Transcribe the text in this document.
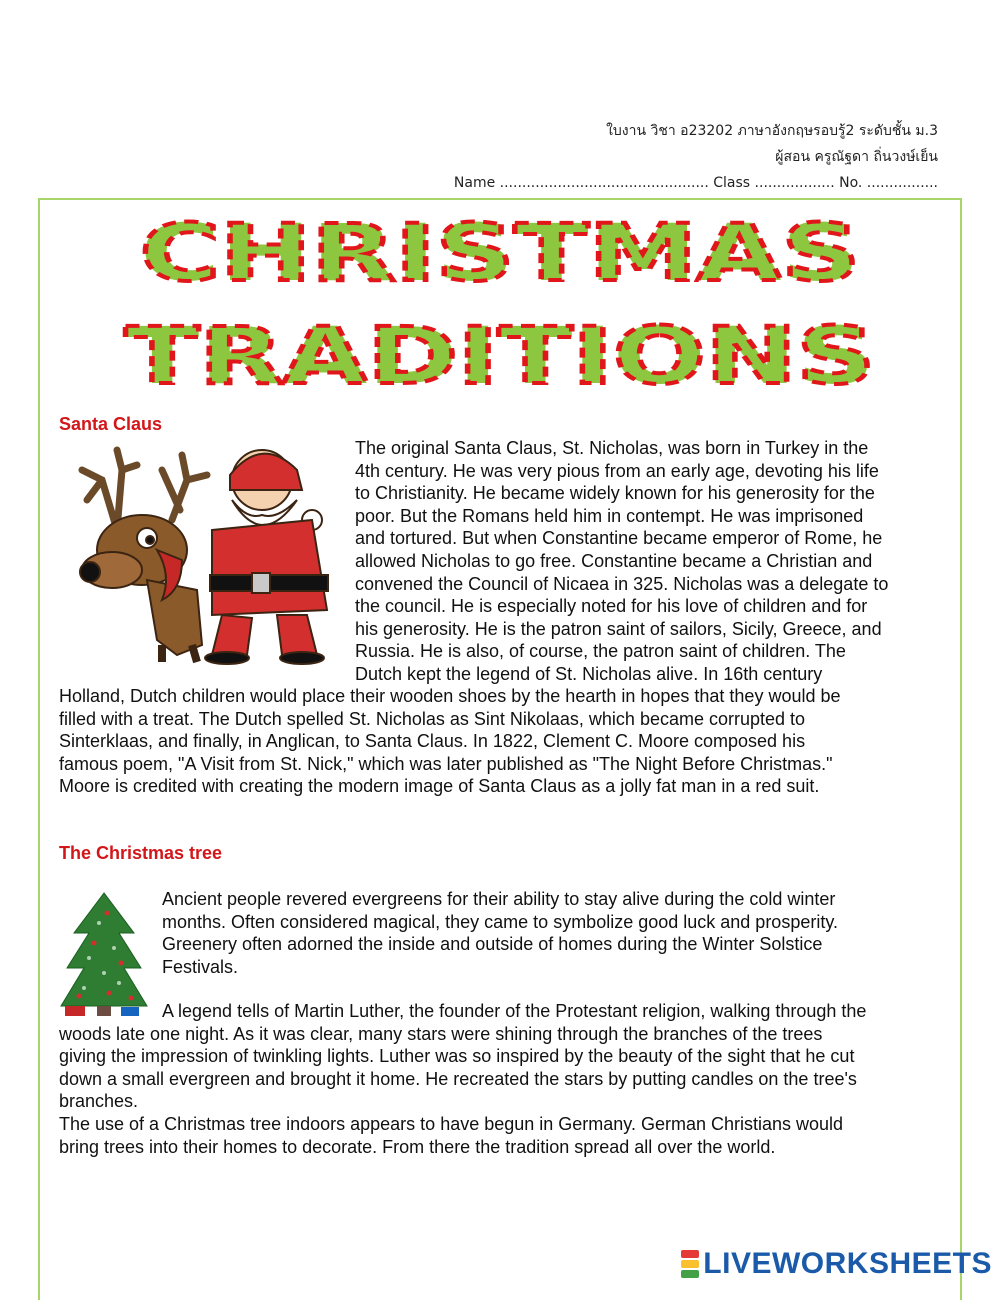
ใบงาน วิชา อ23202 ภาษาอังกฤษรอบรู้2 ระดับชั้น ม.3
ผู้สอน ครูณัฐดา ถิ่นวงษ์เย็น
Name ............................................... Class .................. No. ................
CHRISTMAS
TRADITIONS
Santa Claus
The original Santa Claus, St. Nicholas, was born in Turkey in the
4th century. He was very pious from an early age, devoting his life
to Christianity. He became widely known for his generosity for the
poor. But the Romans held him in contempt. He was imprisoned
and tortured. But when Constantine became emperor of Rome, he
allowed Nicholas to go free. Constantine became a Christian and
convened the Council of Nicaea in 325. Nicholas was a delegate to
the council. He is especially noted for his love of children and for
his generosity. He is the patron saint of sailors, Sicily, Greece, and
Russia. He is also, of course, the patron saint of children. The
Dutch kept the legend of St. Nicholas alive. In 16th century
Holland, Dutch children would place their wooden shoes by the hearth in hopes that they would be
filled with a treat. The Dutch spelled St. Nicholas as Sint Nikolaas, which became corrupted to
Sinterklaas, and finally, in Anglican, to Santa Claus. In 1822, Clement C. Moore composed his
famous poem, "A Visit from St. Nick," which was later published as "The Night Before Christmas."
Moore is credited with creating the modern image of Santa Claus as a jolly fat man in a red suit.
The Christmas tree
Ancient people revered evergreens for their ability to stay alive during the cold winter
months. Often considered magical, they came to symbolize good luck and prosperity.
Greenery often adorned the inside and outside of homes during the Winter Solstice
Festivals.
A legend tells of Martin Luther, the founder of the Protestant religion, walking through the
woods late one night. As it was clear, many stars were shining through the branches of the trees
giving the impression of twinkling lights. Luther was so inspired by the beauty of the sight that he cut
down a small evergreen and brought it home. He recreated the stars by putting candles on the tree's
branches.
The use of a Christmas tree indoors appears to have begun in Germany. German Christians would
bring trees into their homes to decorate. From there the tradition spread all over the world.
LIVEWORKSHEETS
